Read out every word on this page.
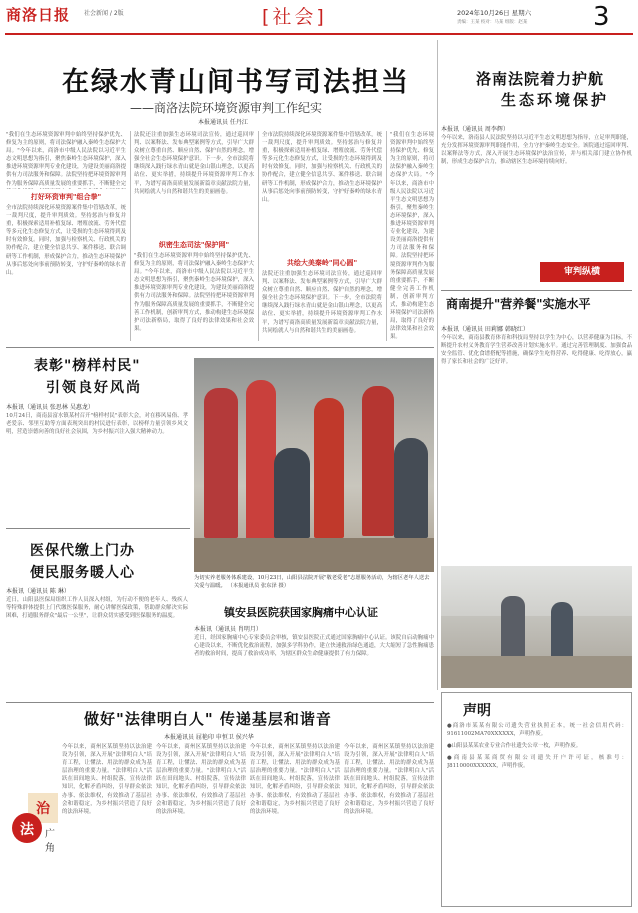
商洛日报 社会新闻 / 2版	[社会]	2024年10月26日 星期六
责编：王某 校对：马某 组版：赵某	3
在绿水青山间书写司法担当
——商洛法院环境资源审判工作纪实
本报通讯员 任丹江
"我们在生态环境资源审判中始终坚持保护优先、修复为主的原则，将司法保护融入秦岭生态保护大局。"今年以来，商洛市中级人民法院以习近平生态文明思想为指引，聚焦秦岭生态环境保护，深入推进环境资源审判专业化建设，为建设美丽商洛提供有力司法服务和保障。法院坚持把环境资源审判作为服务保障高质量发展的重要抓手，不断健全完
打好环资审判"组合拳"
全市法院持续深化环境资源案件集中管辖改革，统一裁判尺度，提升审判质效。坚持惩治与修复并重，积极探索适用补植复绿、增殖放流、劳务代偿等多元化生态修复方式，让受损的生态环境得到及时有效修复。同时，加强与检察机关、行政机关的协作配合，建立健全信息共享、案件移送、联合调研等工作机制，形成保护合力，推动生态环境保护从事后惩处向事前预防转变，守护好秦岭的绿水青山。
法院还注重加强生态环境司法宣传，通过巡回审判、以案释法、发布典型案例等方式，引导广大群众树立尊重自然、顺应自然、保护自然的理念，增强全社会生态环境保护意识。下一步，全市法院将继续深入践行绿水青山就是金山银山理念，以更高站位、更实举措，持续提升环境资源审判工作水平，为谱写商洛高质量发展新篇章贡献法院力量，共同绘就人与自然和谐共生的美丽画卷。
织密生态司法"保护网"
"我们在生态环境资源审判中始终坚持保护优先、修复为主的原则，将司法保护融入秦岭生态保护大局。"今年以来，商洛市中级人民法院以习近平生态文明思想为指引，聚焦秦岭生态环境保护，深入推进环境资源审判专业化建设，为建设美丽商洛提供有力司法服务和保障。法院坚持把环境资源审判作为服务保障高质量发展的重要抓手，不断健全完善工作机制，创新审判方式，推动构建生态环境保护司法新格局，取得了良好的法律效果和社会效果。
全市法院持续深化环境资源案件集中管辖改革，统一裁判尺度，提升审判质效。坚持惩治与修复并重，积极探索适用补植复绿、增殖放流、劳务代偿等多元化生态修复方式，让受损的生态环境得到及时有效修复。同时，加强与检察机关、行政机关的协作配合，建立健全信息共享、案件移送、联合调研等工作机制，形成保护合力，推动生态环境保护从事后惩处向事前预防转变，守护好秦岭的绿水青山。
共绘大美秦岭"同心圆"
法院还注重加强生态环境司法宣传，通过巡回审判、以案释法、发布典型案例等方式，引导广大群众树立尊重自然、顺应自然、保护自然的理念，增强全社会生态环境保护意识。下一步，全市法院将继续深入践行绿水青山就是金山银山理念，以更高站位、更实举措，持续提升环境资源审判工作水平，为谱写商洛高质量发展新篇章贡献法院力量，共同绘就人与自然和谐共生的美丽画卷。
"我们在生态环境资源审判中始终坚持保护优先、修复为主的原则，将司法保护融入秦岭生态保护大局。"今年以来，商洛市中级人民法院以习近平生态文明思想为指引，聚焦秦岭生态环境保护，深入推进环境资源审判专业化建设，为建设美丽商洛提供有力司法服务和保障。法院坚持把环境资源审判作为服务保障高质量发展的重要抓手，不断健全完善工作机制，创新审判方式，推动构建生态环境保护司法新格局，取得了良好的法律效果和社会效果。
洛南法院着力护航
生态环境保护
本报讯（通讯员 周李辉）
今年以来，洛南县人民法院坚持以习近平生态文明思想为指导，立足审判职能，充分发挥环境资源审判职能作用，全力守护秦岭生态安全。该院通过巡回审判、以案释法等方式，深入开展生态环境保护法治宣传，并与相关部门建立协作机制，形成生态保护合力，推动辖区生态环境持续向好。
审判纵横
商南提升"营养餐"实施水平
本报讯（通讯员 田莉娜 韩晓红）
今年以来，商南县教育体育和科技局坚持以学生为中心，以营养健康为目标，不断提升农村义务教育学生营养改善计划实施水平。通过完善管理制度、加强食品安全监管、优化食谱搭配等措施，确保学生吃得营养、吃得健康、吃得放心，赢得了家长和社会的广泛好评。
表彰"榜样村民"
引领良好风尚
本报讯（通讯员 张思林 吴惠龙）
10月24日，商南县富水镇某村召开"榜样村民"表彰大会，对在移风易俗、孝老爱亲、邻里互助等方面表现突出的村民进行表彰，以榜样力量引领乡风文明，营造崇德向善的良好社会氛围，为乡村振兴注入强大精神动力。
为切实养老服务体系建设，10月23日，山阳县法院开展"敬老爱老"志愿服务活动，为辖区老年人送去关爱与温暖。 （本报通讯员 张东泽 摄）
医保代缴上门办
便民服务暖人心
本报讯（通讯员 陈 琳）
近日，山阳县医保局组织工作人员深入村组，为行动不便的老年人、残疾人等特殊群体提供上门代缴医保服务，耐心讲解医保政策，帮助群众解决实际困难，打通服务群众"最后一公里"，让群众切实感受到医保服务的温度。	镇安县医院获国家胸痛中心认证
本报讯（通讯员 肖明月）
近日，经国家胸痛中心专家委员会审核，镇安县医院正式通过国家胸痛中心认证。该院自启动胸痛中心建设以来，不断优化救治流程，加强多学科协作，建立快速救治绿色通道，大大缩短了急性胸痛患者的救治时间，提高了救治成功率，为辖区群众生命健康提供了有力保障。
做好"法律明白人" 传递基层和谐音
本报通讯员 屈艳印 申恒卫 侯兴华
治
法 广
角
今年以来，商州区某镇坚持以法治建设为引领，深入开展"法律明白人"培育工程，让懂法、用法的群众成为基层治理的重要力量。"法律明白人"活跃在田间地头、村组院落，宣传法律知识，化解矛盾纠纷，引导群众依法办事、依法维权，有效推动了基层社会和谐稳定，为乡村振兴营造了良好的法治环境。
今年以来，商州区某镇坚持以法治建设为引领，深入开展"法律明白人"培育工程，让懂法、用法的群众成为基层治理的重要力量。"法律明白人"活跃在田间地头、村组院落，宣传法律知识，化解矛盾纠纷，引导群众依法办事、依法维权，有效推动了基层社会和谐稳定，为乡村振兴营造了良好的法治环境。
今年以来，商州区某镇坚持以法治建设为引领，深入开展"法律明白人"培育工程，让懂法、用法的群众成为基层治理的重要力量。"法律明白人"活跃在田间地头、村组院落，宣传法律知识，化解矛盾纠纷，引导群众依法办事、依法维权，有效推动了基层社会和谐稳定，为乡村振兴营造了良好的法治环境。
今年以来，商州区某镇坚持以法治建设为引领，深入开展"法律明白人"培育工程，让懂法、用法的群众成为基层治理的重要力量。"法律明白人"活跃在田间地头、村组院落，宣传法律知识，化解矛盾纠纷，引导群众依法办事、依法维权，有效推动了基层社会和谐稳定，为乡村振兴营造了良好的法治环境。
声明
●商洛市某某有限公司遗失营业执照正本，统一社会信用代码：91611002MA70XXXXXX，声明作废。
●山阳县某某农业专业合作社遗失公章一枚，声明作废。
●商南县某某商贸有限公司遗失开户许可证，核准号：J8110000XXXXXX，声明作废。
